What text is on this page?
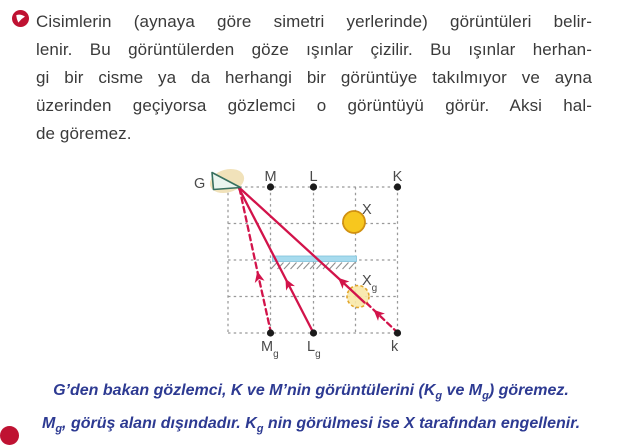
Cisimlerin (aynaya göre simetri yerlerinde) görüntüleri belir-
lenir. Bu görüntülerden göze ışınlar çizilir. Bu ışınlar herhan-
gi bir cisme ya da herhangi bir görüntüye takılmıyor ve ayna
üzerinden geçiyorsa gözlemci o görüntüyü görür. Aksi hal-
de göremez.
G	M L	K
X
$X_g$
$M_g$ $L_g$	k
G’den bakan gözlemci, K ve M’nin görüntülerini ($K_g$ ve $M_g$) göremez.
$M_g$, görüş alanı dışındadır. $K_g$ nin görülmesi ise X tarafından engellenir.
